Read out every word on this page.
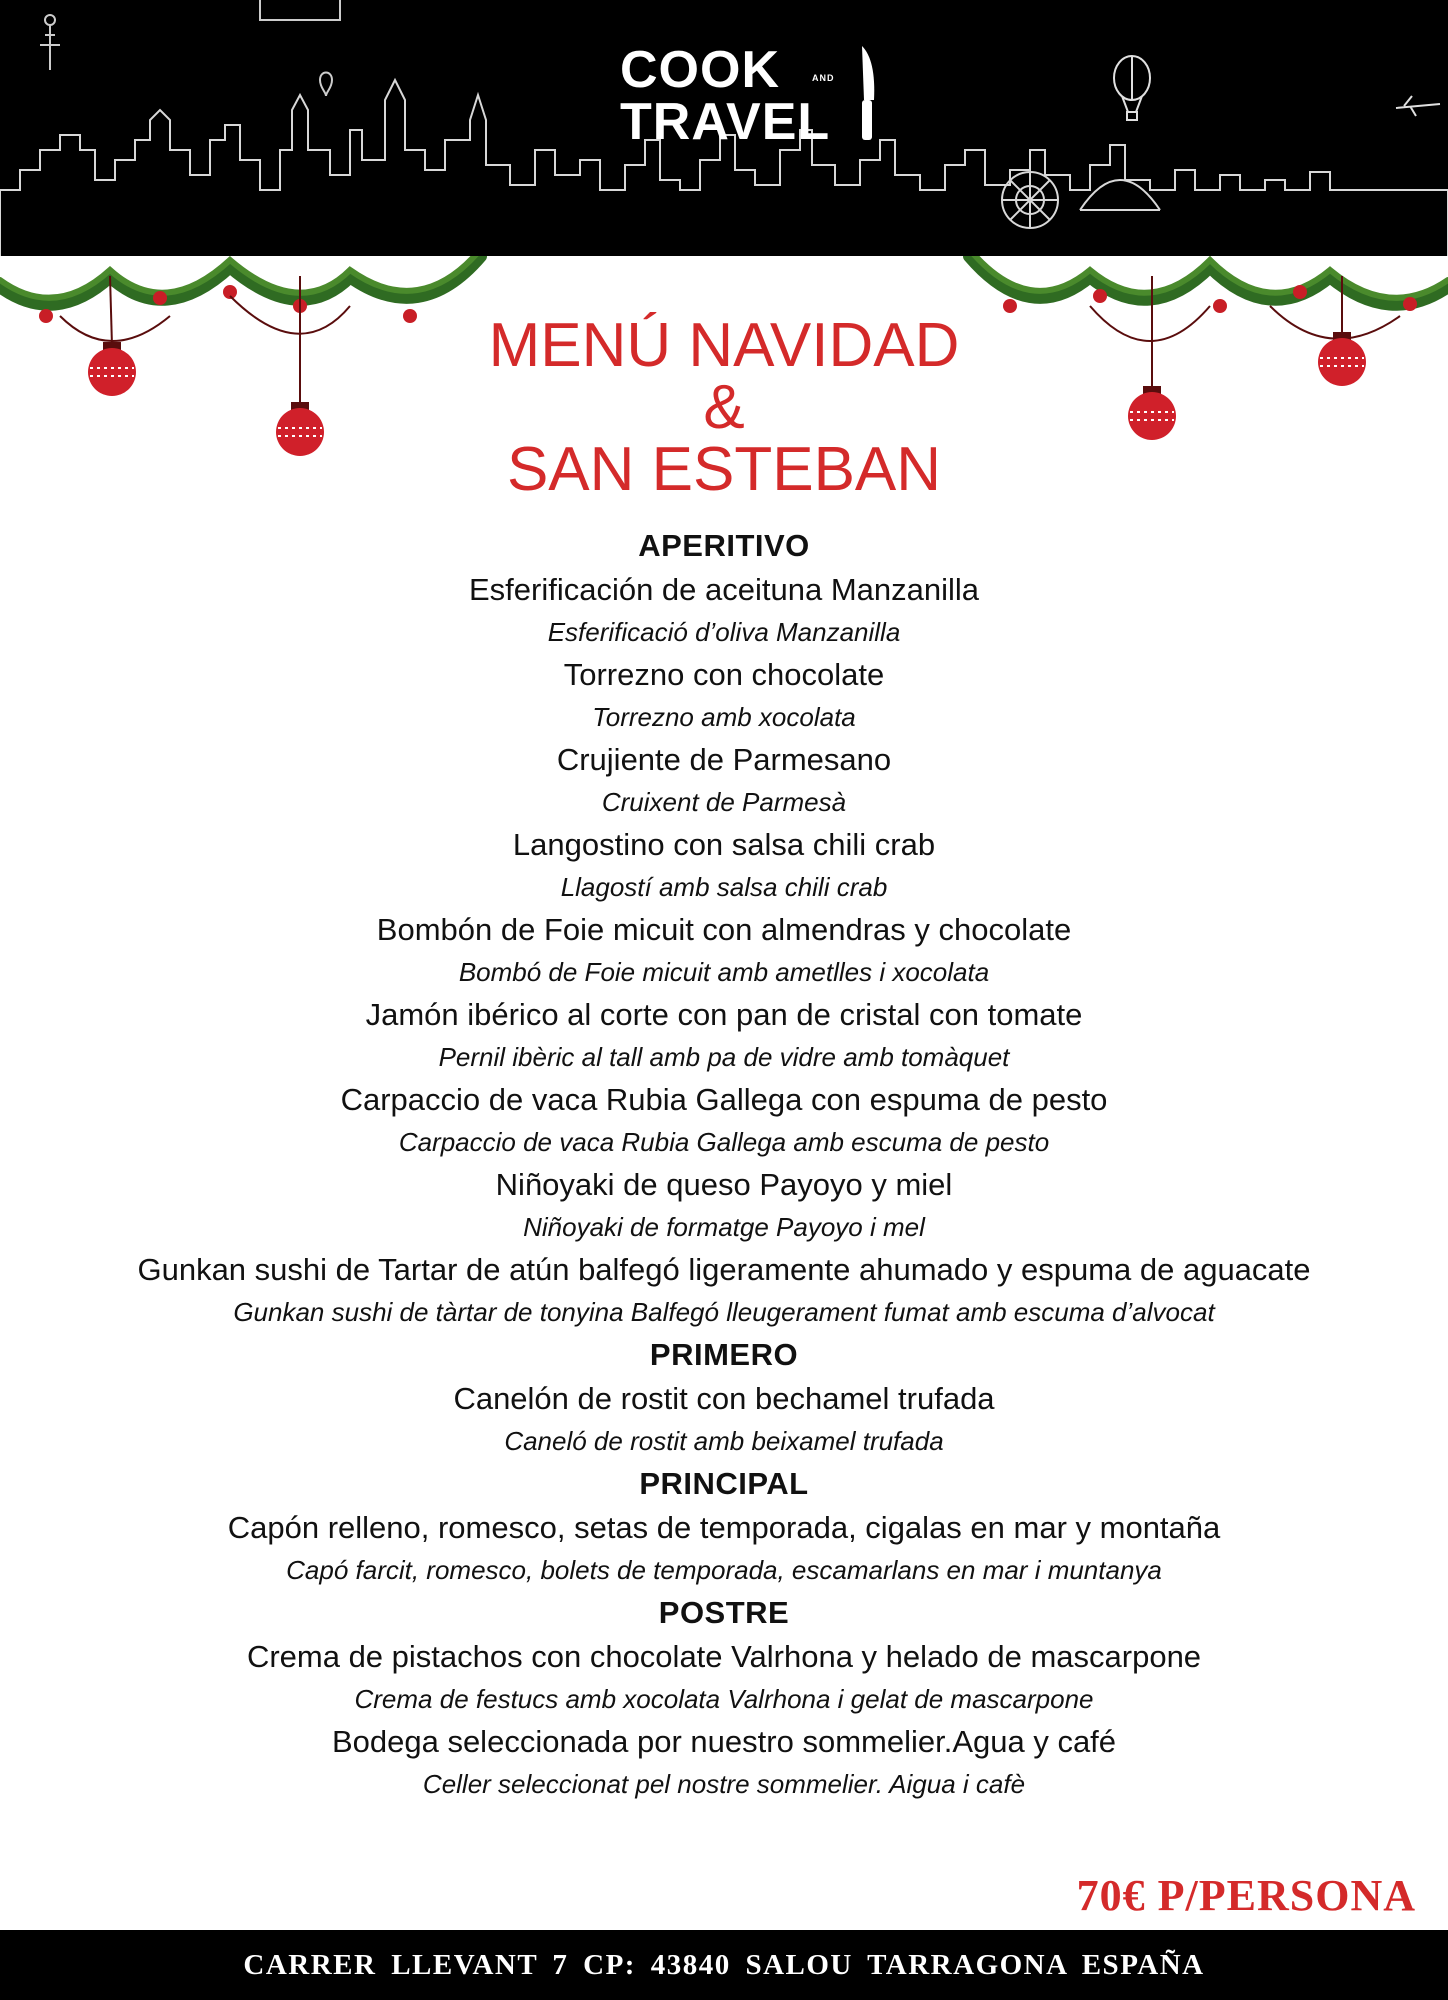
COOK	AND
TRAVEL
MENÚ NAVIDAD
&
SAN ESTEBAN
APERITIVO
Esferificación de aceituna Manzanilla
Esferificació d’oliva Manzanilla
Torrezno con chocolate
Torrezno amb xocolata
Crujiente de Parmesano
Cruixent de Parmesà
Langostino con salsa chili crab
Llagostí amb salsa chili crab
Bombón de Foie micuit con almendras y chocolate
Bombó de Foie micuit amb ametlles i xocolata
Jamón ibérico al corte con pan de cristal con tomate
Pernil ibèric al tall amb pa de vidre amb tomàquet
Carpaccio de vaca Rubia Gallega con espuma de pesto
Carpaccio de vaca Rubia Gallega amb escuma de pesto
Niñoyaki de queso Payoyo y miel
Niñoyaki de formatge Payoyo i mel
Gunkan sushi de Tartar de atún balfegó ligeramente ahumado y espuma de aguacate
Gunkan sushi de tàrtar de tonyina Balfegó lleugerament fumat amb escuma d’alvocat
PRIMERO
Canelón de rostit con bechamel trufada
Caneló de rostit amb beixamel trufada
PRINCIPAL
Capón relleno, romesco, setas de temporada, cigalas en mar y montaña
Capó farcit, romesco, bolets de temporada, escamarlans en mar i muntanya
POSTRE
Crema de pistachos con chocolate Valrhona y helado de mascarpone
Crema de festucs amb xocolata Valrhona i gelat de mascarpone
Bodega seleccionada por nuestro sommelier.Agua y café
Celler seleccionat pel nostre sommelier. Aigua i cafè
70€ P/PERSONA
CARRER LLEVANT 7 CP: 43840 SALOU TARRAGONA ESPAÑA
